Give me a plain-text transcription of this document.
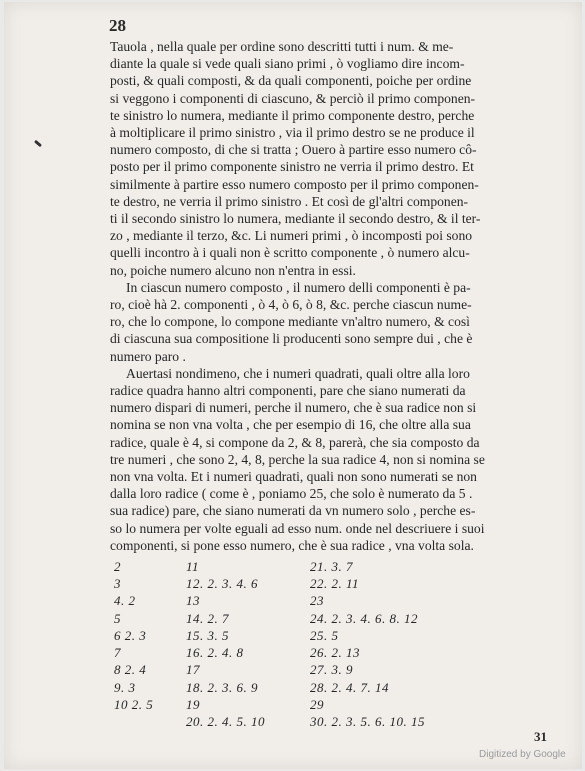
28

Tauola , nella quale per ordine sono descritti tutti i num. & me-
diante la quale si vede quali siano primi , ò vogliamo dire incom-
posti, & quali composti, & da quali componenti, poiche per ordine
si veggono i componenti di ciascuno, & perciò il primo componen-
te sinistro lo numera, mediante il primo componente destro, perche
à moltiplicare il primo sinistro , via il primo destro se ne produce il
numero composto, di che si tratta ; Ouero à partire esso numero cô-
posto per il primo componente sinistro ne verria il primo destro. Et
similmente à partire esso numero composto per il primo componen-
te destro, ne verria il primo sinistro . Et così de gl'altri componen-
ti il secondo sinistro lo numera, mediante il secondo destro, & il ter-
zo , mediante il terzo, &c. Li numeri primi , ò incomposti poi sono
quelli incontro à i quali non è scritto componente , ò numero alcu-
no, poiche numero alcuno non n'entra in essi.

In ciascun numero composto , il numero delli componenti è pa-
ro, cioè hà 2. componenti , ò 4, ò 6, ò 8, &c. perche ciascun nume-
ro, che lo compone, lo compone mediante vn'altro numero, & così
di ciascuna sua compositione li producenti sono sempre dui , che è
numero paro .

Auertasi nondimeno, che i numeri quadrati, quali oltre alla loro
radice quadra hanno altri componenti, pare che siano numerati da
numero dispari di numeri, perche il numero, che è sua radice non si
nomina se non vna volta , che per esempio di 16, che oltre alla sua
radice, quale è 4, si compone da 2, & 8, parerà, che sia composto da
tre numeri , che sono 2, 4, 8, perche la sua radice 4, non si nomina se
non vna volta. Et i numeri quadrati, quali non sono numerati se non
dalla loro radice ( come è , poniamo 25, che solo è numerato da 5 .
sua radice) pare, che siano numerati da vn numero solo , perche es-
so lo numera per volte eguali ad esso num. onde nel descriuere i suoi
componenti, si pone esso numero, che è sua radice , vna volta sola.

2	11	21. 3. 7
3	12. 2. 3. 4. 6	22. 2. 11
4. 2	13	23
5	14. 2. 7	24. 2. 3. 4. 6. 8. 12
6 2. 3	15. 3. 5	25. 5
7	16. 2. 4. 8	26. 2. 13
8 2. 4	17	27. 3. 9
9. 3	18. 2. 3. 6. 9	28. 2. 4. 7. 14
10 2. 5	19	29
	20. 2. 4. 5. 10	30. 2. 3. 5. 6. 10. 15
31
Digitized by Google
